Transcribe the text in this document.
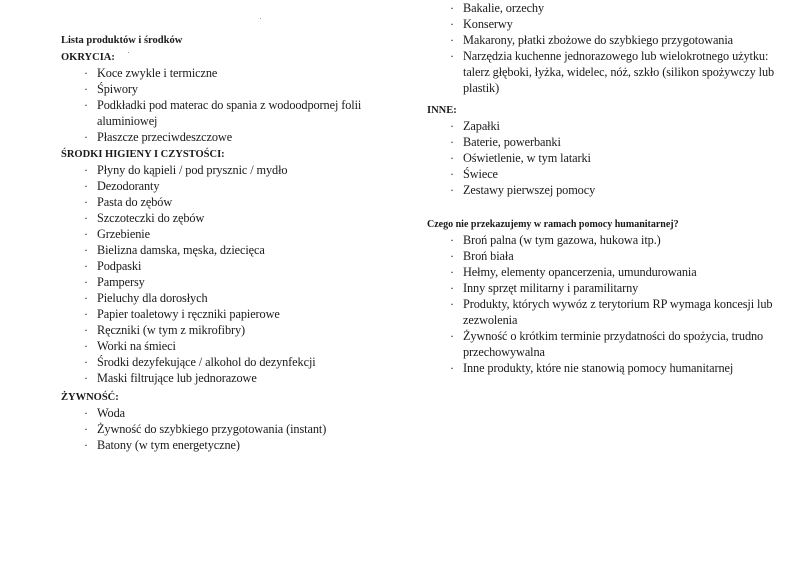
Lista produktów i środków
OKRYCIA:
· Koce zwykle i termiczne
· Śpiwory
· Podkładki pod materac do spania z wodoodpornej folii aluminiowej
· Płaszcze przeciwdeszczowe
ŚRODKI HIGIENY I CZYSTOŚCI:
· Płyny do kąpieli / pod prysznic / mydło
· Dezodoranty
· Pasta do zębów
· Szczoteczki do zębów
· Grzebienie
· Bielizna damska, męska, dziecięca
· Podpaski
· Pampersy
· Pieluchy dla dorosłych
· Papier toaletowy i ręczniki papierowe
· Ręczniki (w tym z mikrofibry)
· Worki na śmieci
· Środki dezyfekujące / alkohol do dezynfekcji
· Maski filtrujące lub jednorazowe
ŻYWNOŚĆ:
· Woda
· Żywność do szybkiego przygotowania (instant)
· Batony (w tym energetyczne)
· Bakalie, orzechy
· Konserwy
· Makarony, płatki zbożowe do szybkiego przygotowania
· Narzędzia kuchenne jednorazowego lub wielokrotnego użytku: talerz głęboki, łyżka, widelec, nóż, szkło (silikon spożywczy lub plastik)
INNE:
· Zapałki
· Baterie, powerbanki
· Oświetlenie, w tym latarki
· Świece
· Zestawy pierwszej pomocy
Czego nie przekazujemy w ramach pomocy humanitarnej?
· Broń palna (w tym gazowa, hukowa itp.)
· Broń biała
· Hełmy, elementy opancerzenia, umundurowania
· Inny sprzęt militarny i paramilitarny
· Produkty, których wywóz z terytorium RP wymaga koncesji lub zezwolenia
· Żywność o krótkim terminie przydatności do spożycia, trudno przechowywalna
· Inne produkty, które nie stanowią pomocy humanitarnej
